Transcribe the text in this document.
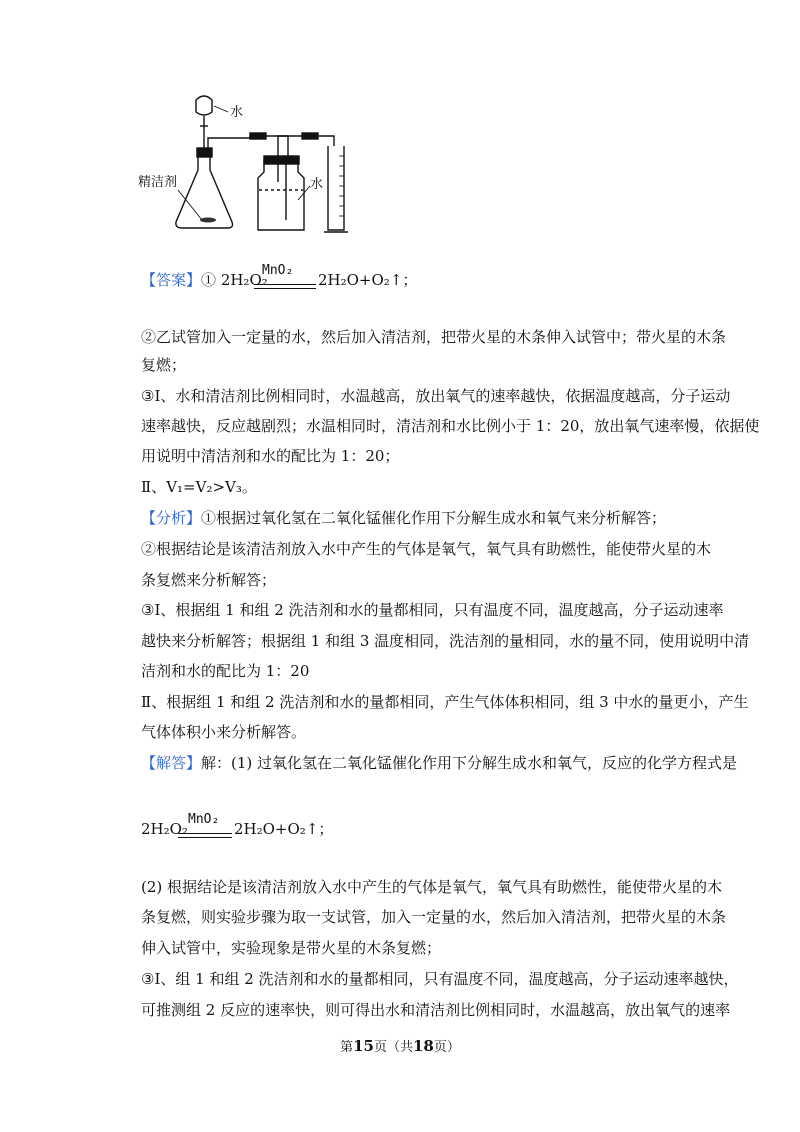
水
精洁剂	水
【答案】① 2H₂O₂
MnO₂
2H₂O+O₂↑；
②乙试管加入一定量的水，然后加入清洁剂，把带火星的木条伸入试管中；带火星的木条
复燃；
③Ⅰ、水和清洁剂比例相同时，水温越高，放出氧气的速率越快，依据温度越高，分子运动
速率越快，反应越剧烈；水温相同时，清洁剂和水比例小于 1：20，放出氧气速率慢，依据使
用说明中清洁剂和水的配比为 1：20；
Ⅱ、V₁=V₂>V₃。
【分析】①根据过氧化氢在二氧化锰催化作用下分解生成水和氧气来分析解答；
②根据结论是该清洁剂放入水中产生的气体是氧气，氧气具有助燃性，能使带火星的木
条复燃来分析解答；
③Ⅰ、根据组 1 和组 2 洗洁剂和水的量都相同，只有温度不同，温度越高，分子运动速率
越快来分析解答；根据组 1 和组 3 温度相同，洗洁剂的量相同，水的量不同，使用说明中清
洁剂和水的配比为 1：20
Ⅱ、根据组 1 和组 2 洗洁剂和水的量都相同，产生气体体积相同，组 3 中水的量更小，产生
气体体积小来分析解答。
【解答】解：(1) 过氧化氢在二氧化锰催化作用下分解生成水和氧气，反应的化学方程式是
2H₂O₂
MnO₂
2H₂O+O₂↑；
(2) 根据结论是该清洁剂放入水中产生的气体是氧气，氧气具有助燃性，能使带火星的木
条复燃，则实验步骤为取一支试管，加入一定量的水，然后加入清洁剂，把带火星的木条
伸入试管中，实验现象是带火星的木条复燃；
③Ⅰ、组 1 和组 2 洗洁剂和水的量都相同，只有温度不同，温度越高，分子运动速率越快，
可推测组 2 反应的速率快，则可得出水和清洁剂比例相同时，水温越高，放出氧气的速率
第15页（共18页）
